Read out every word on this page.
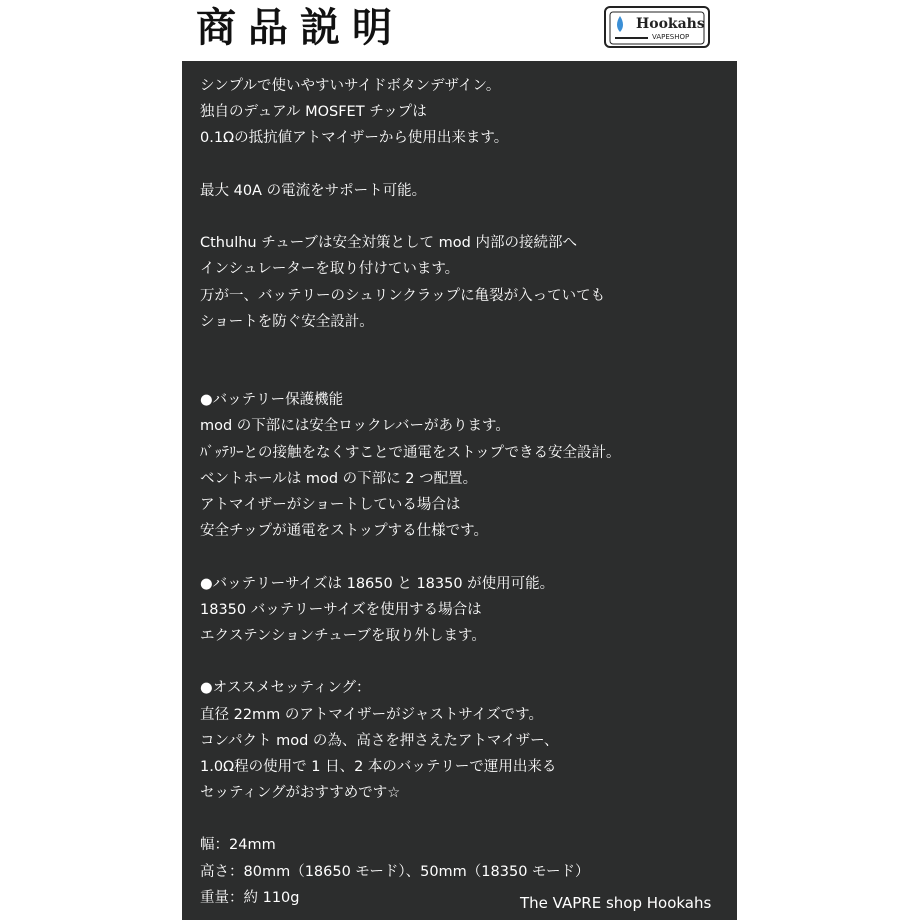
商品説明	Hookahs
VAPESHOP
シンプルで使いやすいサイドボタンデザイン。
独自のデュアル MOSFET チップは
0.1Ωの抵抗値アトマイザーから使用出来ます。
最大 40A の電流をサポート可能。
Cthulhu チューブは安全対策として mod 内部の接続部へ
インシュレーターを取り付けています。
万が一、バッテリーのシュリンクラップに亀裂が入っていても
ショートを防ぐ安全設計。
●バッテリー保護機能
mod の下部には安全ロックレバーがあります。
ﾊﾞｯﾃﾘｰとの接触をなくすことで通電をストップできる安全設計。
ベントホールは mod の下部に 2 つ配置。
アトマイザーがショートしている場合は
安全チップが通電をストップする仕様です。
●バッテリーサイズは 18650 と 18350 が使用可能。
18350 バッテリーサイズを使用する場合は
エクステンションチューブを取り外します。
●オススメセッティング：
直径 22mm のアトマイザーがジャストサイズです。
コンパクト mod の為、高さを押さえたアトマイザー、
1.0Ω程の使用で 1 日、2 本のバッテリーで運用出来る
セッティングがおすすめです☆
幅：24mm
高さ：80mm（18650 モード）、50mm（18350 モード）
重量：約 110g	The VAPRE shop Hookahs
